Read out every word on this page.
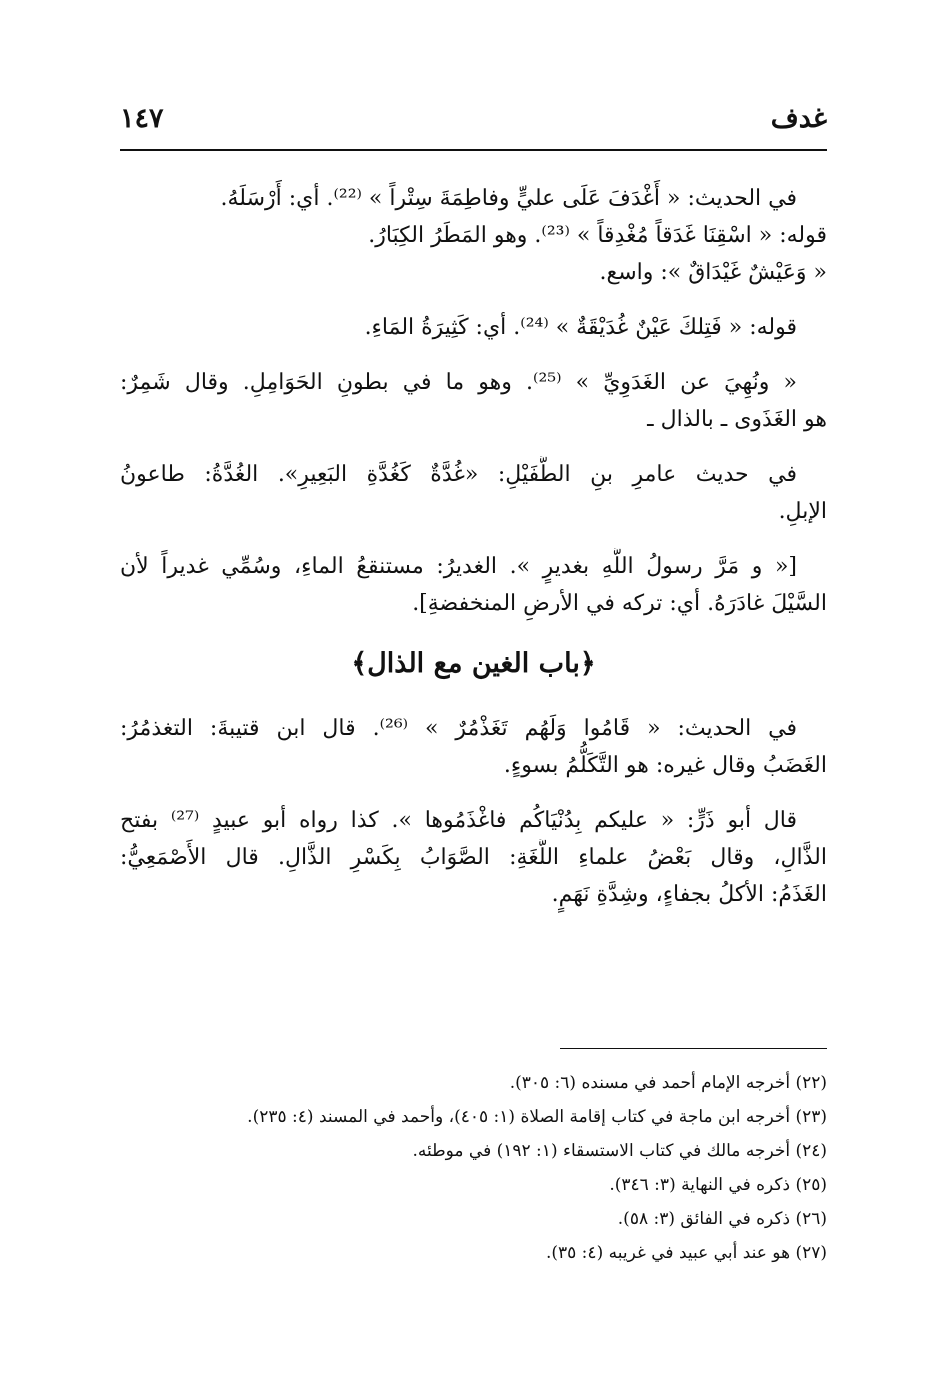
غدف
١٤٧
في الحديث: « أَغْدَفَ عَلَى عليٍّ وفاطِمَةَ سِتْراً » ⁽²²⁾. أي: أَرْسَلَهُ.
قوله: « اسْقِنَا غَدَقاً مُغْدِقاً » ⁽²³⁾. وهو المَطَرُ الكِبَارُ.
« وَعَيْشٌ غَيْدَاقٌ »: واسع.
قوله: « فَتِلكَ عَيْنٌ غُدَيْقَةٌ » ⁽²⁴⁾. أي: كَثِيرَةُ المَاءِ.
« ونُهِيَ عن الغَدَوِيِّ » ⁽²⁵⁾. وهو ما في بطونِ الحَوَامِلِ. وقال شَمِرٌ:
هو الغَذَوى ـ بالذال ـ
في حديث عامرِ بنِ الطُّفَيْلِ: «غُدَّةٌ كَغُدَّةِ البَعِيرِ». الغُدَّةُ: طاعونُ
الإبلِ.
[« و مَرَّ رسولُ اللَّهِ بغديرٍ ». الغديرُ: مستنقعُ الماءِ، وسُمِّي غديراً لأن
السَّيْلَ غادَرَهُ. أي: تركه في الأرضِ المنخفضةِ].
﴿باب الغين مع الذال﴾
في الحديث: « قَامُوا وَلَهُم تَغَذْمُرٌ » ⁽²⁶⁾. قال ابن قتيبةَ: التغذمُرُ:
الغَضَبُ وقال غيره: هو التَّكَلُّمُ بسوءٍ.
قال أبو ذَرٍّ: « عليكم بِدُنْيَاكُم فاغْذَمُوها ». كذا رواه أبو عبيدٍ ⁽²⁷⁾ بفتح
الذَّالِ، وقال بَعْضُ علماءِ اللُّغَةِ: الصَّوَابُ بِكَسْرِ الذَّالِ. قال الأَصْمَعِيُّ:
الغَذَمُ: الأكلُ بجفاءٍ، وشِدَّةِ نَهَمٍ.
(٢٢) أخرجه الإمام أحمد في مسنده (٦: ٣٠٥).
(٢٣) أخرجه ابن ماجة في كتاب إقامة الصلاة (١: ٤٠٥)، وأحمد في المسند (٤: ٢٣٥).
(٢٤) أخرجه مالك في كتاب الاستسقاء (١: ١٩٢) في موطئه.
(٢٥) ذكره في النهاية (٣: ٣٤٦).
(٢٦) ذكره في الفائق (٣: ٥٨).
(٢٧) هو عند أبي عبيد في غريبه (٤: ٣٥).
